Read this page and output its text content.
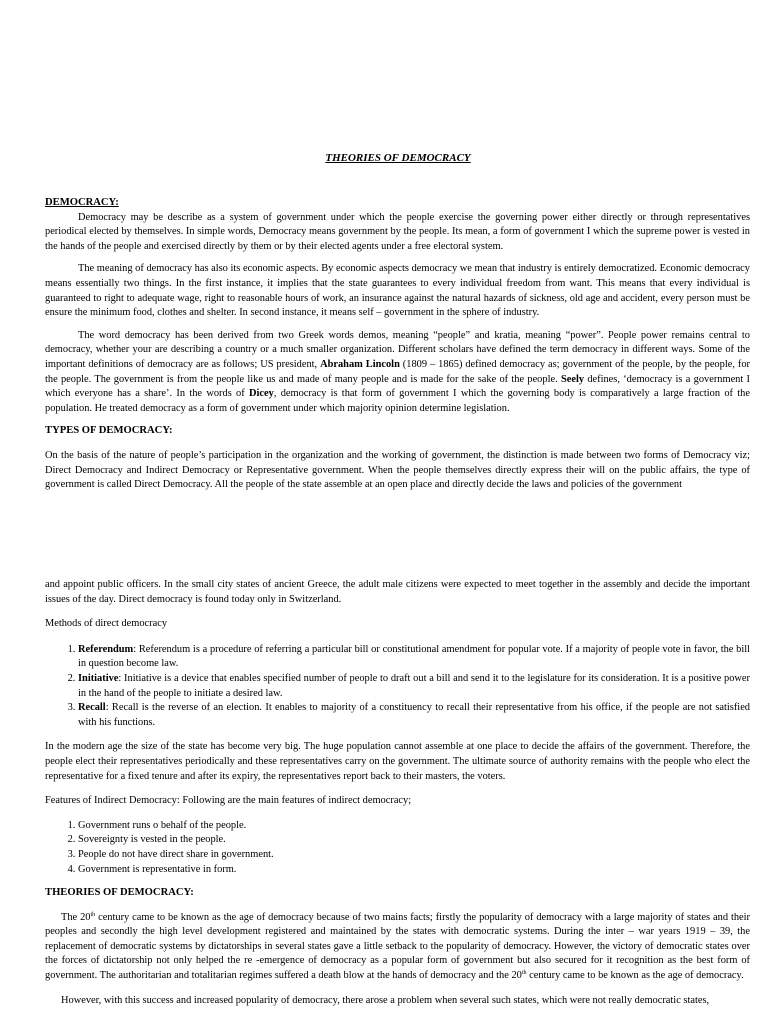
THEORIES OF DEMOCRACY

DEMOCRACY:

Democracy may be describe as a system of government under which the people exercise the governing power either directly or through representatives periodical elected by themselves. In simple words, Democracy means government by the people. Its mean, a form of government I which the supreme power is vested in the hands of the people and exercised directly by them or by their elected agents under a free electoral system.

The meaning of democracy has also its economic aspects. By economic aspects democracy we mean that industry is entirely democratized. Economic democracy means essentially two things. In the first instance, it implies that the state guarantees to every individual freedom from want. This means that every individual is guaranteed to right to adequate wage, right to reasonable hours of work, an insurance against the natural hazards of sickness, old age and accident, every person must be ensure the minimum food, clothes and shelter. In second instance, it means self – government in the sphere of industry.

The word democracy has been derived from two Greek words demos, meaning “people” and kratia, meaning “power”. People power remains central to democracy, whether your are describing a country or a much smaller organization. Different scholars have defined the term democracy in different ways. Some of the important definitions of democracy are as follows; US president, Abraham Lincoln (1809 – 1865) defined democracy as; government of the people, by the people, for the people. The government is from the people like us and made of many people and is made for the sake of the people. Seely defines, ‘democracy is a government I which everyone has a share’. In the words of Dicey, democracy is that form of government I which the governing body is comparatively a large fraction of the population. He treated democracy as a form of government under which majority opinion determine legislation.

TYPES OF DEMOCRACY:

On the basis of the nature of people’s participation in the organization and the working of government, the distinction is made between two forms of Democracy viz; Direct Democracy and Indirect Democracy or Representative government. When the people themselves directly express their will on the public affairs, the type of government is called Direct Democracy. All the people of the state assemble at an open place and directly decide the laws and policies of the government

and appoint public officers. In the small city states of ancient Greece, the adult male citizens were expected to meet together in the assembly and decide the important issues of the day. Direct democracy is found today only in Switzerland.

Methods of direct democracy

1. Referendum: Referendum is a procedure of referring a particular bill or constitutional amendment for popular vote. If a majority of people vote in favor, the bill in question become law.
2. Initiative: Initiative is a device that enables specified number of people to draft out a bill and send it to the legislature for its consideration. It is a positive power in the hand of the people to initiate a desired law.
3. Recall: Recall is the reverse of an election. It enables to majority of a constituency to recall their representative from his office, if the people are not satisfied with his functions.

In the modern age the size of the state has become very big. The huge population cannot assemble at one place to decide the affairs of the government. Therefore, the people elect their representatives periodically and these representatives carry on the government. The ultimate source of authority remains with the people who elect the representative for a fixed tenure and after its expiry, the representatives report back to their masters, the voters.

Features of Indirect Democracy: Following are the main features of indirect democracy;

1. Government runs o behalf of the people.
2. Sovereignty is vested in the people.
3. People do not have direct share in government.
4. Government is representative in form.

THEORIES OF DEMOCRACY:

The 20th century came to be known as the age of democracy because of two mains facts; firstly the popularity of democracy with a large majority of states and their peoples and secondly the high level development registered and maintained by the states with democratic systems. During the inter – war years 1919 – 39, the replacement of democratic systems by dictatorships in several states gave a little setback to the popularity of democracy. However, the victory of democratic states over the forces of dictatorship not only helped the re -emergence of democracy as a popular form of government but also secured for it recognition as the best form of government. The authoritarian and totalitarian regimes suffered a death blow at the hands of democracy and the 20th century came to be known as the age of democracy.

However, with this success and increased popularity of democracy, there arose a problem when several such states, which were not really democratic states,
